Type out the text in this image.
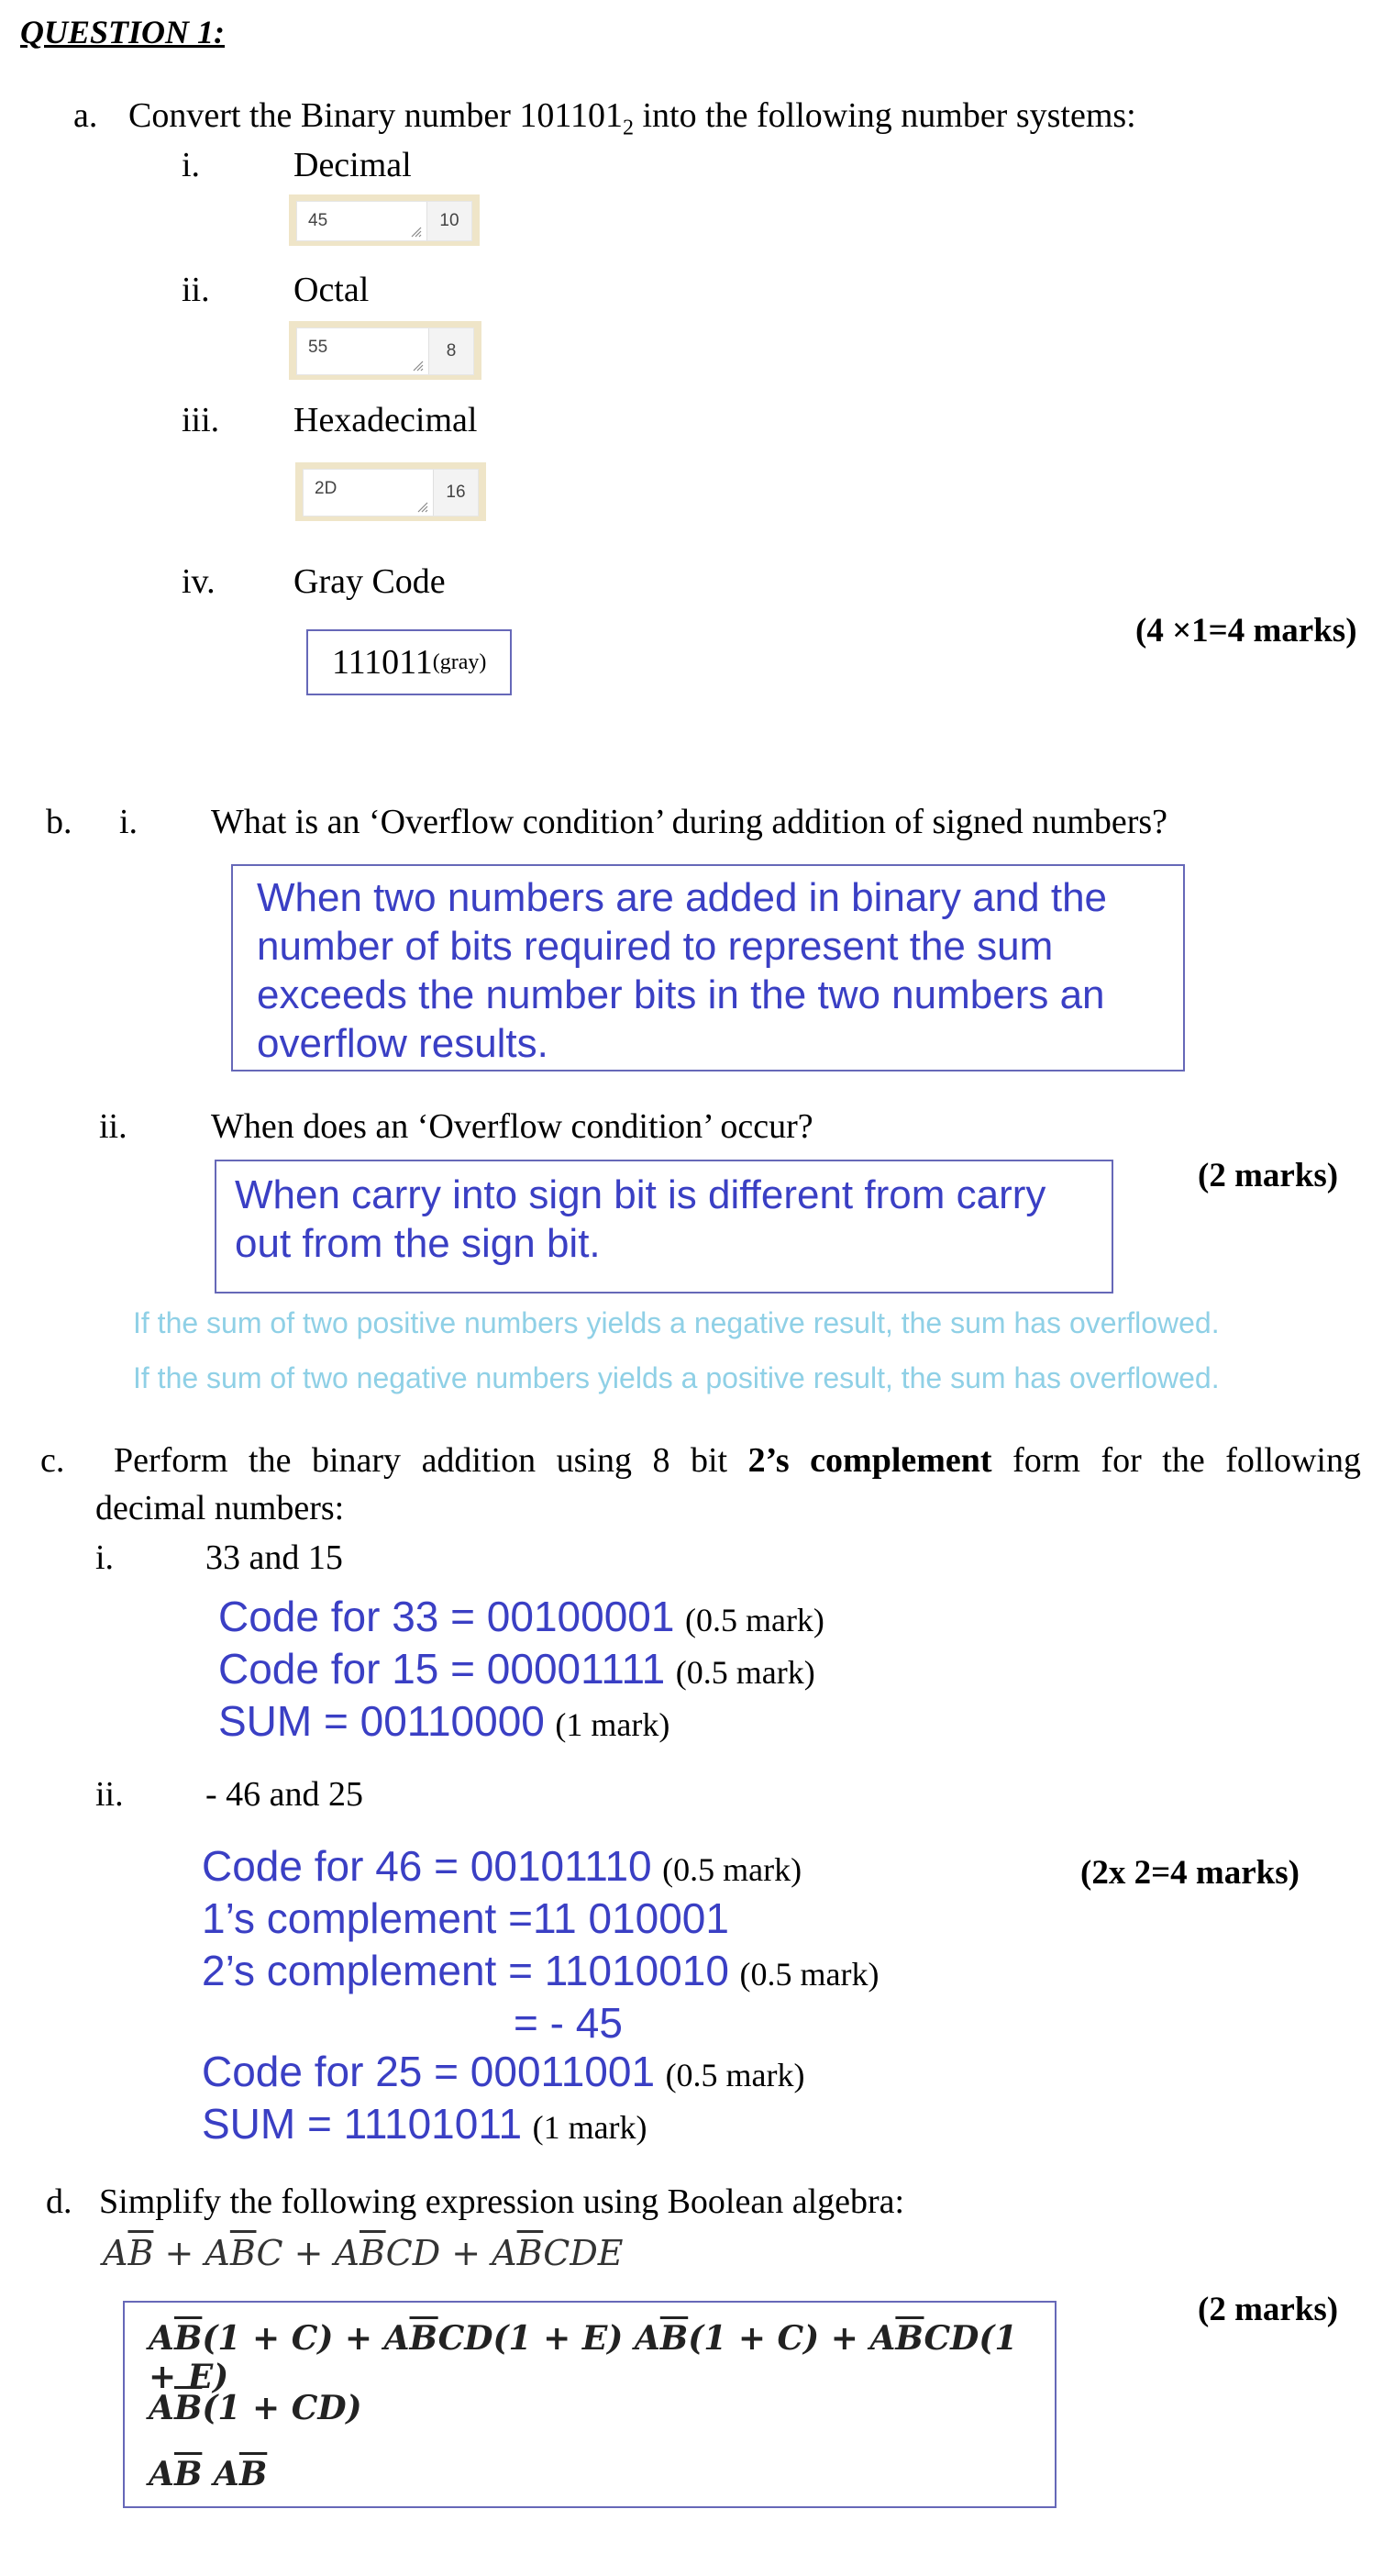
QUESTION 1:
a. Convert the Binary number $101101_2$ into the following number systems:
i.	Decimal
45	10
ii. Octal
55	8
iii. Hexadecimal
2D	16
iv. Gray Code
111011 (gray)
(4 ×1=4 marks)
b. i. What is an ‘Overflow condition’ during addition of signed numbers?
When two numbers are added in binary and the
number of bits required to represent the sum
exceeds the number bits in the two numbers an
overflow results.
ii. When does an ‘Overflow condition’ occur?
When carry into sign bit is different from carry
out from the sign bit.
(2 marks)
If the sum of two positive numbers yields a negative result, the sum has overflowed.
If the sum of two negative numbers yields a positive result, the sum has overflowed.
c. Perform the binary addition using 8 bit 2’s complement form for the following
decimal numbers:
i.	33 and 15
Code for 33 = 00100001 (0.5 mark)
Code for 15 = 00001111 (0.5 mark)
SUM = 00110000 (1 mark)
ii. - 46 and 25
Code for 46 = 00101110 (0.5 mark)
1’s complement =11 010001
2’s complement = 11010010 (0.5 mark)
= - 45
Code for 25 = 00011001 (0.5 mark)
SUM = 11101011 (1 mark)
(2x 2=4 marks)
d. Simplify the following expression using Boolean algebra:
$A\overline{B} + A\overline{B}C + A\overline{B}CD + A\overline{B}CDE$
$A\overline{B}(1 + C) + A\overline{B}CD(1 + E) A\overline{B}(1 + C) + A\overline{B}CD(1 + E)$
$A\overline{B}(1 + CD)$
$A\overline{B}$ $A\overline{B}$
(2 marks)
